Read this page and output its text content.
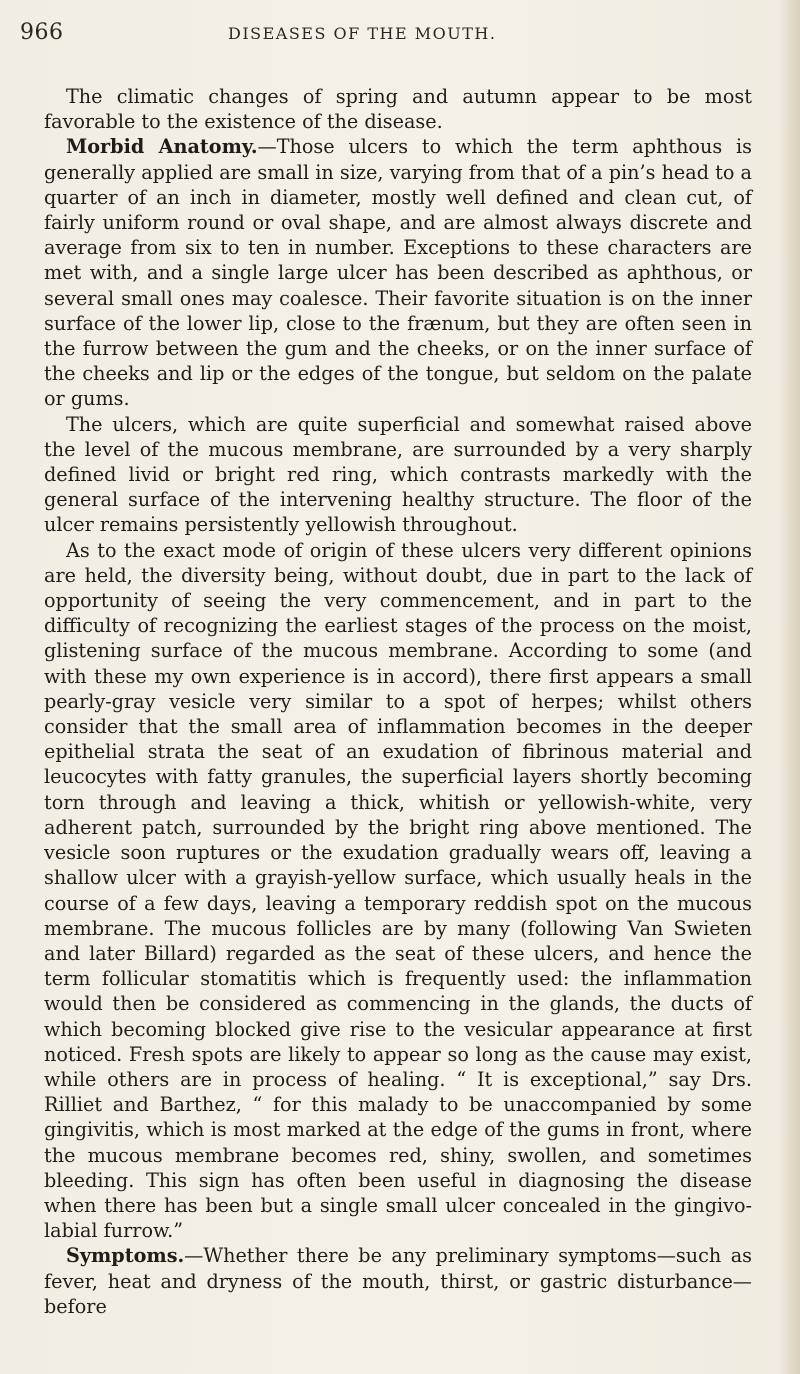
966	DISEASES OF THE MOUTH.

The climatic changes of spring and autumn appear to be most favorable to the existence of the disease.

Morbid Anatomy.—Those ulcers to which the term aphthous is generally applied are small in size, varying from that of a pin’s head to a quarter of an inch in diameter, mostly well defined and clean cut, of fairly uniform round or oval shape, and are almost always discrete and average from six to ten in number. Exceptions to these characters are met with, and a single large ulcer has been described as aphthous, or several small ones may coalesce. Their favorite situation is on the inner surface of the lower lip, close to the frænum, but they are often seen in the furrow between the gum and the cheeks, or on the inner surface of the cheeks and lip or the edges of the tongue, but seldom on the palate or gums.

The ulcers, which are quite superficial and somewhat raised above the level of the mucous membrane, are surrounded by a very sharply defined livid or bright red ring, which contrasts markedly with the general surface of the intervening healthy structure. The floor of the ulcer remains persistently yellowish throughout.

As to the exact mode of origin of these ulcers very different opinions are held, the diversity being, without doubt, due in part to the lack of opportunity of seeing the very commencement, and in part to the difficulty of recognizing the earliest stages of the process on the moist, glistening surface of the mucous membrane. According to some (and with these my own experience is in accord), there first appears a small pearly-gray vesicle very similar to a spot of herpes; whilst others consider that the small area of inflammation becomes in the deeper epithelial strata the seat of an exudation of fibrinous material and leucocytes with fatty granules, the superficial layers shortly becoming torn through and leaving a thick, whitish or yellowish-white, very adherent patch, surrounded by the bright ring above mentioned. The vesicle soon ruptures or the exudation gradually wears off, leaving a shallow ulcer with a grayish-yellow surface, which usually heals in the course of a few days, leaving a temporary reddish spot on the mucous membrane. The mucous follicles are by many (following Van Swieten and later Billard) regarded as the seat of these ulcers, and hence the term follicular stomatitis which is frequently used: the inflammation would then be considered as commencing in the glands, the ducts of which becoming blocked give rise to the vesicular appearance at first noticed. Fresh spots are likely to appear so long as the cause may exist, while others are in process of healing. “ It is exceptional,” say Drs. Rilliet and Barthez, “ for this malady to be unaccompanied by some gingivitis, which is most marked at the edge of the gums in front, where the mucous membrane becomes red, shiny, swollen, and sometimes bleeding. This sign has often been useful in diagnosing the disease when there has been but a single small ulcer concealed in the gingivo-labial furrow.”

Symptoms.—Whether there be any preliminary symptoms—such as fever, heat and dryness of the mouth, thirst, or gastric disturbance—before
